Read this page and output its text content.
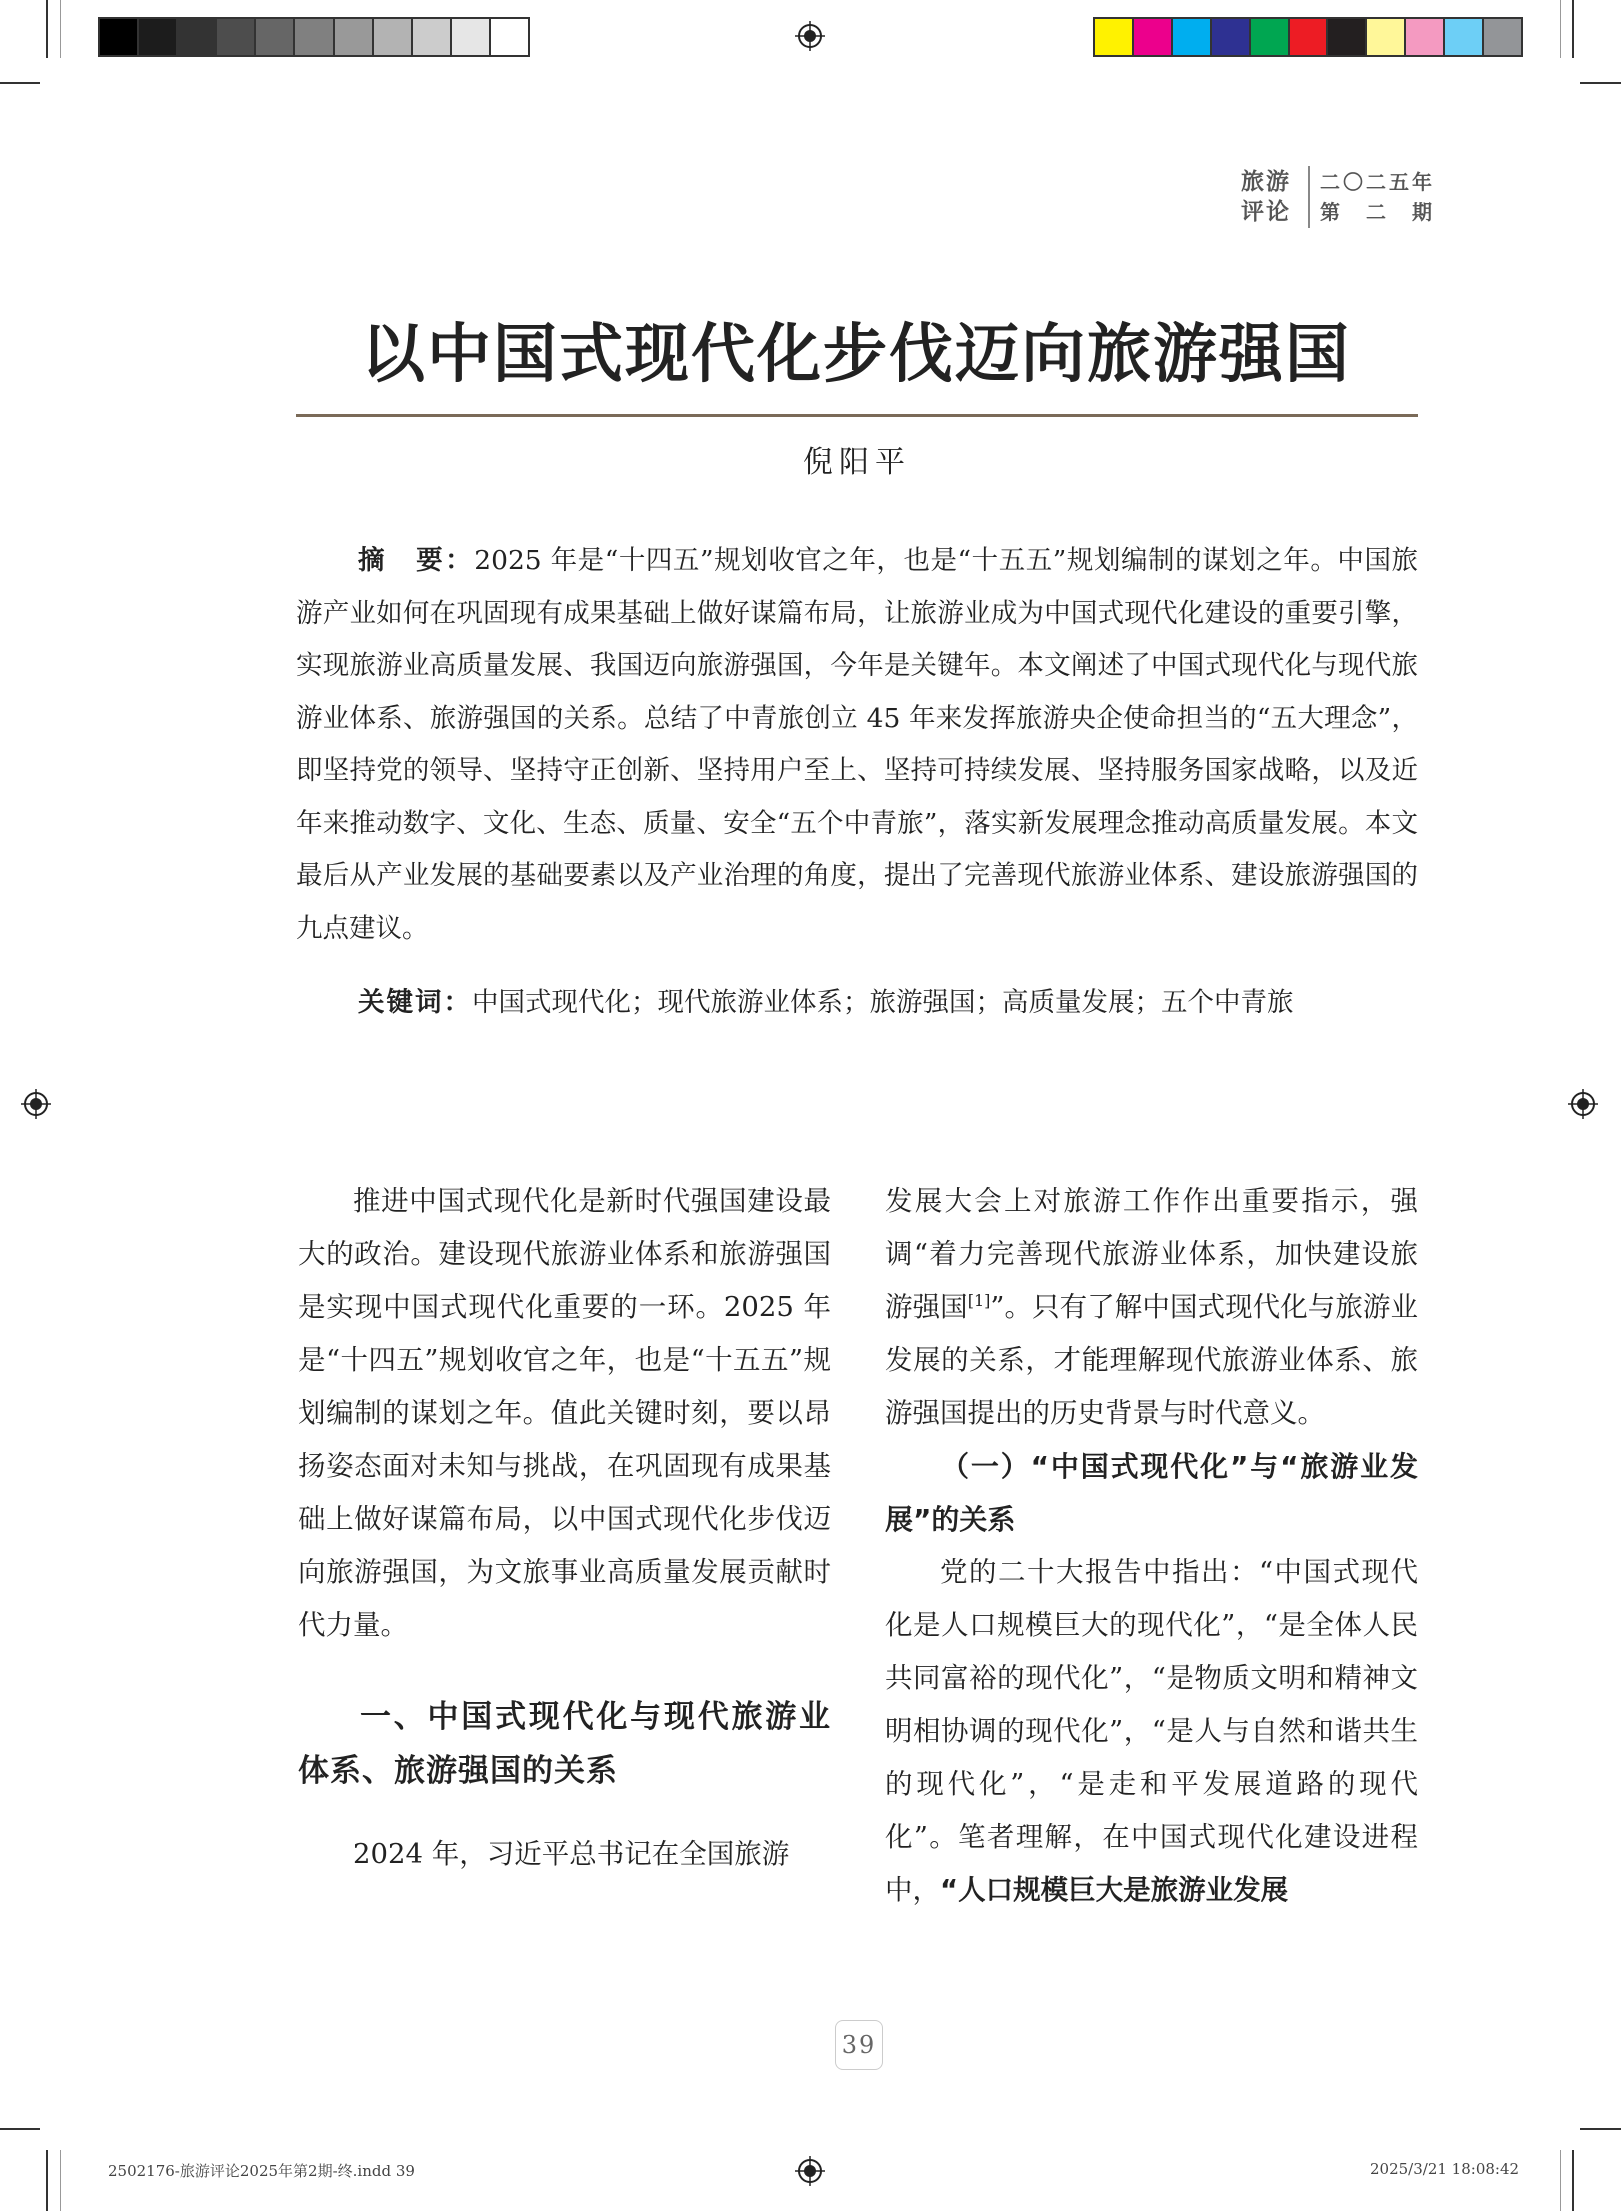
旅游
评论
二〇二五年
第　二　期
以中国式现代化步伐迈向旅游强国
倪阳平
摘　要：2025 年是“十四五”规划收官之年，也是“十五五”规划编制的谋划之年。中国旅游产业如何在巩固现有成果基础上做好谋篇布局，让旅游业成为中国式现代化建设的重要引擎，实现旅游业高质量发展、我国迈向旅游强国，今年是关键年。本文阐述了中国式现代化与现代旅游业体系、旅游强国的关系。总结了中青旅创立 45 年来发挥旅游央企使命担当的“五大理念”，即坚持党的领导、坚持守正创新、坚持用户至上、坚持可持续发展、坚持服务国家战略，以及近年来推动数字、文化、生态、质量、安全“五个中青旅”，落实新发展理念推动高质量发展。本文最后从产业发展的基础要素以及产业治理的角度，提出了完善现代旅游业体系、建设旅游强国的九点建议。
关键词：中国式现代化；现代旅游业体系；旅游强国；高质量发展；五个中青旅

推进中国式现代化是新时代强国建设最大的政治。建设现代旅游业体系和旅游强国是实现中国式现代化重要的一环。2025 年是“十四五”规划收官之年，也是“十五五”规划编制的谋划之年。值此关键时刻，要以昂扬姿态面对未知与挑战，在巩固现有成果基础上做好谋篇布局，以中国式现代化步伐迈向旅游强国，为文旅事业高质量发展贡献时代力量。

一、中国式现代化与现代旅游业体系、旅游强国的关系

2024 年，习近平总书记在全国旅游

发展大会上对旅游工作作出重要指示，强调“着力完善现代旅游业体系，加快建设旅游强国[1]”。只有了解中国式现代化与旅游业发展的关系，才能理解现代旅游业体系、旅游强国提出的历史背景与时代意义。

（一）“中国式现代化”与“旅游业发展”的关系

党的二十大报告中指出：“中国式现代化是人口规模巨大的现代化”，“是全体人民共同富裕的现代化”，“是物质文明和精神文明相协调的现代化”，“是人与自然和谐共生的现代化”，“是走和平发展道路的现代化”。笔者理解，在中国式现代化建设进程中，“人口规模巨大是旅游业发展

39
2502176-旅游评论2025年第2期-终.indd 39	2025/3/21 18:08:42
